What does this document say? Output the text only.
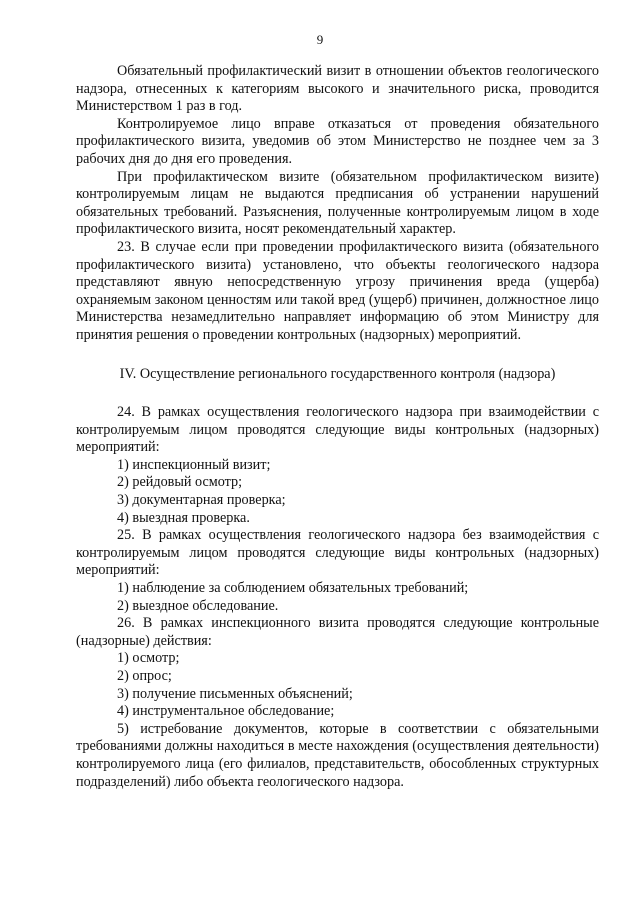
9

Обязательный профилактический визит в отношении объектов геологического надзора, отнесенных к категориям высокого и значительного риска, проводится Министерством 1 раз в год.

Контролируемое лицо вправе отказаться от проведения обязательного профилактического визита, уведомив об этом Министерство не позднее чем за 3 рабочих дня до дня его проведения.

При профилактическом визите (обязательном профилактическом визите) контролируемым лицам не выдаются предписания об устранении нарушений обязательных требований. Разъяснения, полученные контролируемым лицом в ходе профилактического визита, носят рекомендательный характер.

23. В случае если при проведении профилактического визита (обязательного профилактического визита) установлено, что объекты геологического надзора представляют явную непосредственную угрозу причинения вреда (ущерба) охраняемым законом ценностям или такой вред (ущерб) причинен, должностное лицо Министерства незамедлительно направляет информацию об этом Министру для принятия решения о проведении контрольных (надзорных) мероприятий.

IV. Осуществление регионального государственного контроля (надзора)

24. В рамках осуществления геологического надзора при взаимодействии с контролируемым лицом проводятся следующие виды контрольных (надзорных) мероприятий:

1) инспекционный визит;

2) рейдовый осмотр;

3) документарная проверка;

4) выездная проверка.

25. В рамках осуществления геологического надзора без взаимодействия с контролируемым лицом проводятся следующие виды контрольных (надзорных) мероприятий:

1) наблюдение за соблюдением обязательных требований;

2) выездное обследование.

26. В рамках инспекционного визита проводятся следующие контрольные (надзорные) действия:

1) осмотр;

2) опрос;

3) получение письменных объяснений;

4) инструментальное обследование;

5) истребование документов, которые в соответствии с обязательными требованиями должны находиться в месте нахождения (осуществления деятельности) контролируемого лица (его филиалов, представительств, обособленных структурных подразделений) либо объекта геологического надзора.
